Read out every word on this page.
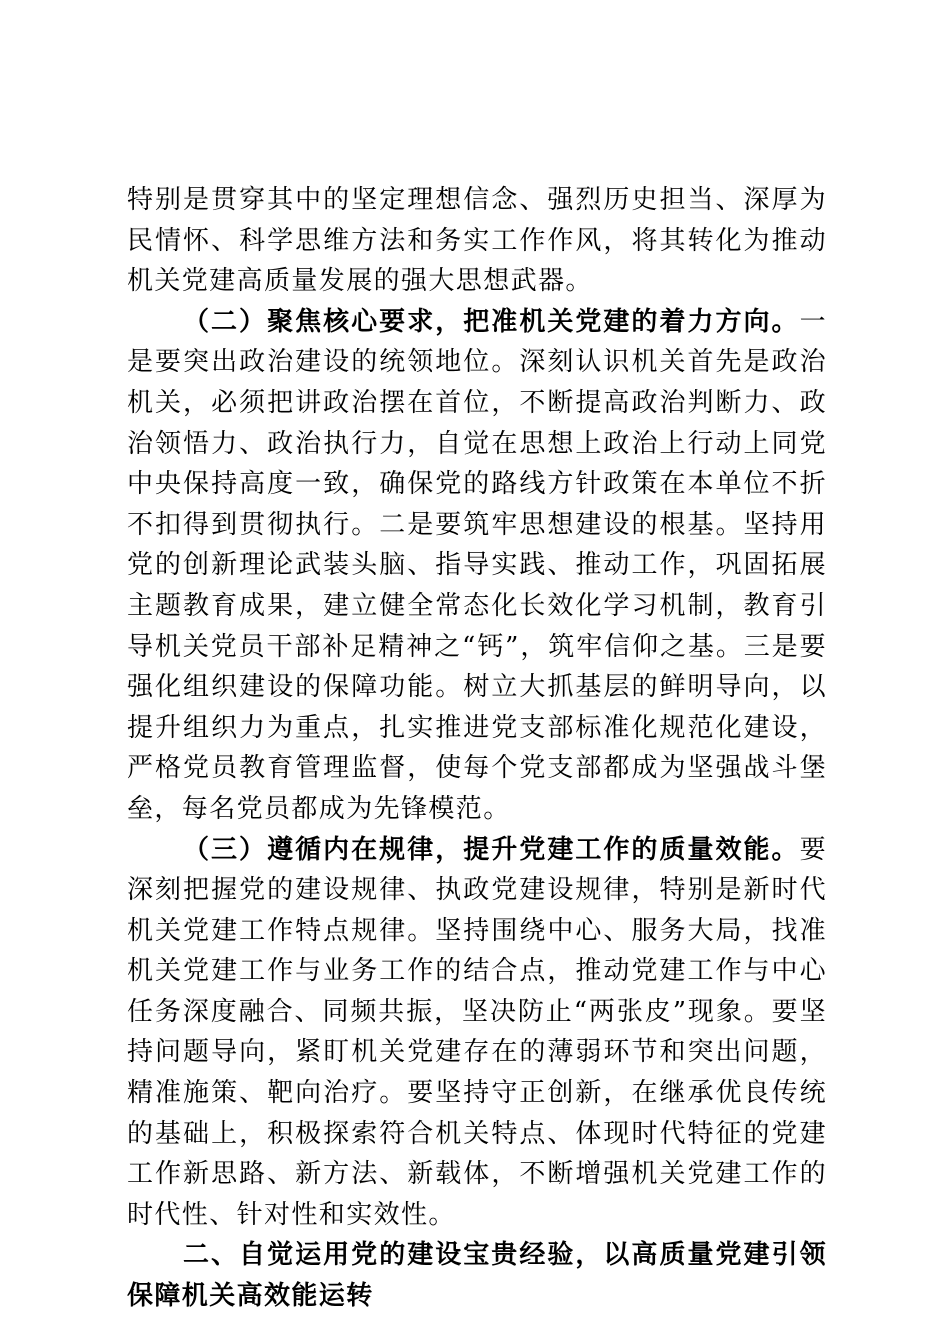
特别是贯穿其中的坚定理想信念、强烈历史担当、深厚为民情怀、科学思维方法和务实工作作风，将其转化为推动机关党建高质量发展的强大思想武器。

（二）聚焦核心要求，把准机关党建的着力方向。一是要突出政治建设的统领地位。深刻认识机关首先是政治机关，必须把讲政治摆在首位，不断提高政治判断力、政治领悟力、政治执行力，自觉在思想上政治上行动上同党中央保持高度一致，确保党的路线方针政策在本单位不折不扣得到贯彻执行。二是要筑牢思想建设的根基。坚持用党的创新理论武装头脑、指导实践、推动工作，巩固拓展主题教育成果，建立健全常态化长效化学习机制，教育引导机关党员干部补足精神之“钙”，筑牢信仰之基。三是要强化组织建设的保障功能。树立大抓基层的鲜明导向，以提升组织力为重点，扎实推进党支部标准化规范化建设，严格党员教育管理监督，使每个党支部都成为坚强战斗堡垒，每名党员都成为先锋模范。

（三）遵循内在规律，提升党建工作的质量效能。要深刻把握党的建设规律、执政党建设规律，特别是新时代机关党建工作特点规律。坚持围绕中心、服务大局，找准机关党建工作与业务工作的结合点，推动党建工作与中心任务深度融合、同频共振，坚决防止“两张皮”现象。要坚持问题导向，紧盯机关党建存在的薄弱环节和突出问题，精准施策、靶向治疗。要坚持守正创新，在继承优良传统的基础上，积极探索符合机关特点、体现时代特征的党建工作新思路、新方法、新载体，不断增强机关党建工作的时代性、针对性和实效性。

二、自觉运用党的建设宝贵经验，以高质量党建引领保障机关高效能运转
